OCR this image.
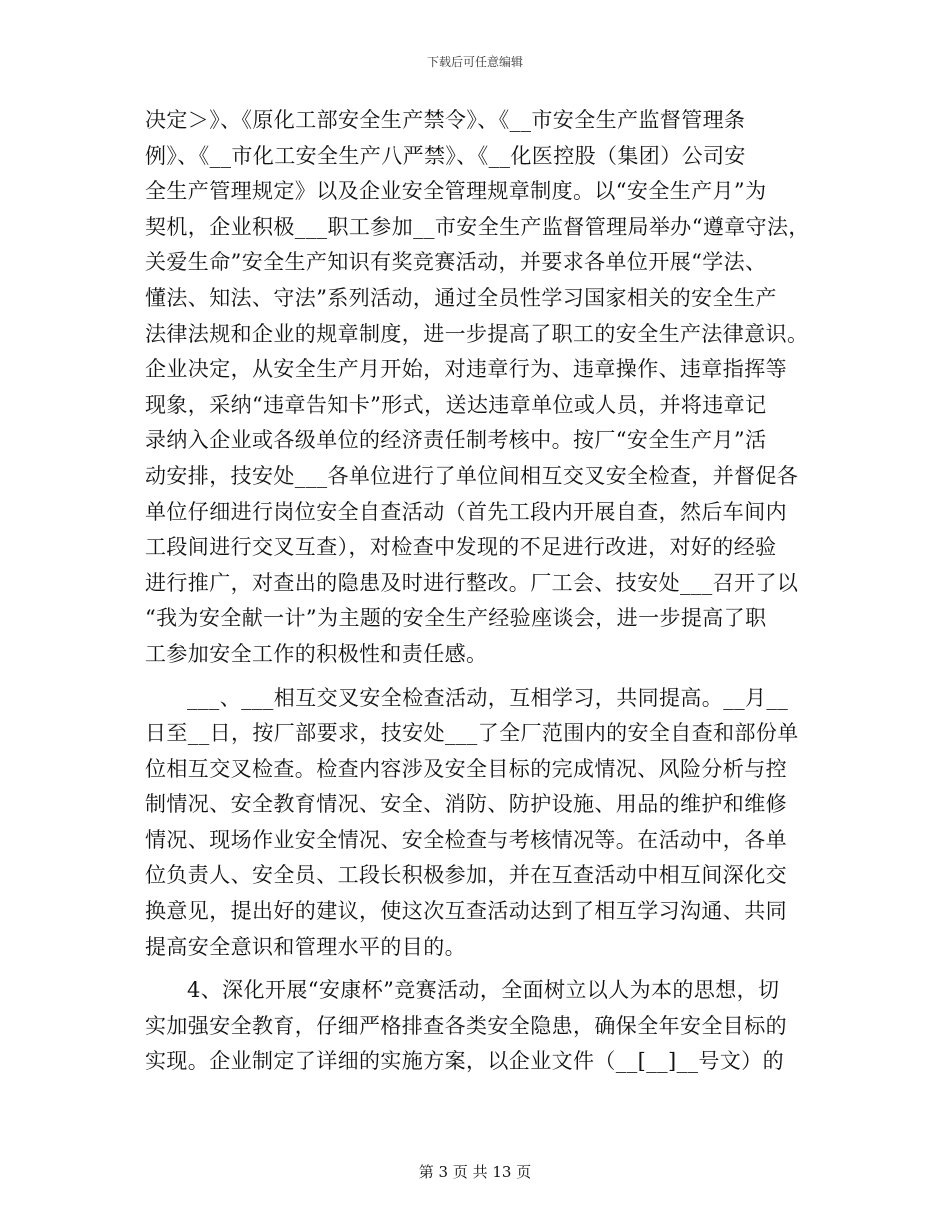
下载后可任意编辑
决定＞》、《原化工部安全生产禁令》、《__市安全生产监督管理条
例》、《__市化工安全生产八严禁》、《__化医控股（集团）公司安
全生产管理规定》以及企业安全管理规章制度。以“安全生产月”为
契机，企业积极___职工参加__市安全生产监督管理局举办“遵章守法，
关爱生命”安全生产知识有奖竞赛活动，并要求各单位开展“学法、
懂法、知法、守法”系列活动，通过全员性学习国家相关的安全生产
法律法规和企业的规章制度，进一步提高了职工的安全生产法律意识。
企业决定，从安全生产月开始，对违章行为、违章操作、违章指挥等
现象，采纳“违章告知卡”形式，送达违章单位或人员，并将违章记
录纳入企业或各级单位的经济责任制考核中。按厂“安全生产月”活
动安排，技安处___各单位进行了单位间相互交叉安全检查，并督促各
单位仔细进行岗位安全自查活动（首先工段内开展自查，然后车间内
工段间进行交叉互查），对检查中发现的不足进行改进，对好的经验
进行推广，对查出的隐患及时进行整改。厂工会、技安处___召开了以
“我为安全献一计”为主题的安全生产经验座谈会，进一步提高了职
工参加安全工作的积极性和责任感。
___、___相互交叉安全检查活动，互相学习，共同提高。__月__
日至__日，按厂部要求，技安处___了全厂范围内的安全自查和部份单
位相互交叉检查。检查内容涉及安全目标的完成情况、风险分析与控
制情况、安全教育情况、安全、消防、防护设施、用品的维护和维修
情况、现场作业安全情况、安全检查与考核情况等。在活动中，各单
位负责人、安全员、工段长积极参加，并在互查活动中相互间深化交
换意见，提出好的建议，使这次互查活动达到了相互学习沟通、共同
提高安全意识和管理水平的目的。
4、深化开展“安康杯”竞赛活动，全面树立以人为本的思想，切
实加强安全教育，仔细严格排查各类安全隐患，确保全年安全目标的
实现。企业制定了详细的实施方案，以企业文件（__[__]__号文）的
第 3 页 共 13 页
